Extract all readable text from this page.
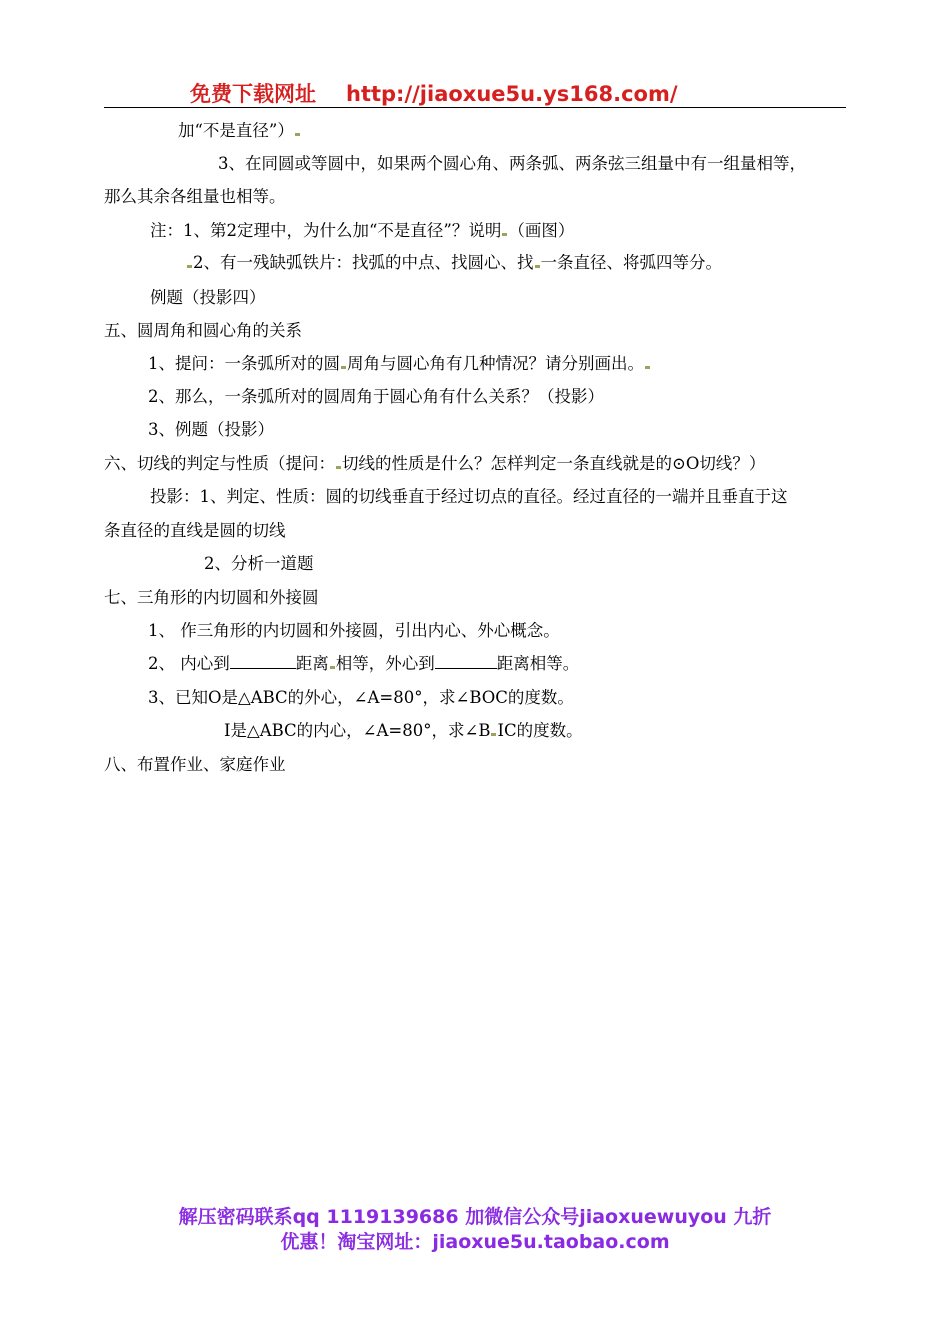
免费下载网址 http://jiaoxue5u.ys168.com/
加“不是直径”）
3、在同圆或等圆中，如果两个圆心角、两条弧、两条弦三组量中有一组量相等，
那么其余各组量也相等。
注：1、第2定理中，为什么加“不是直径”？说明 （画图）
2、有一残缺弧铁片：找弧的中点、找圆心、找 一条直径、将弧四等分。
例题（投影四）
五、圆周角和圆心角的关系
1、提问：一条弧所对的圆 周角与圆心角有几种情况？请分别画出。
2、那么，一条弧所对的圆周角于圆心角有什么关系？（投影）
3、例题（投影）
六、切线的判定与性质（提问： 切线的性质是什么？怎样判定一条直线就是的⊙O切线？）
投影：1、判定、性质：圆的切线垂直于经过切点的直径。经过直径的一端并且垂直于这
条直径的直线是圆的切线
2、分析一道题
七、三角形的内切圆和外接圆
1、 作三角形的内切圆和外接圆，引出内心、外心概念。
2、 内心到	距离 相等，外心到	距离相等。
3、已知O是△ABC的外心，∠A=80°，求∠BOC的度数。
I是△ABC的内心，∠A=80°，求∠B IC的度数。
八、布置作业、家庭作业
解压密码联系qq 1119139686 加微信公众号jiaoxuewuyou 九折
优惠！淘宝网址：jiaoxue5u.taobao.com
